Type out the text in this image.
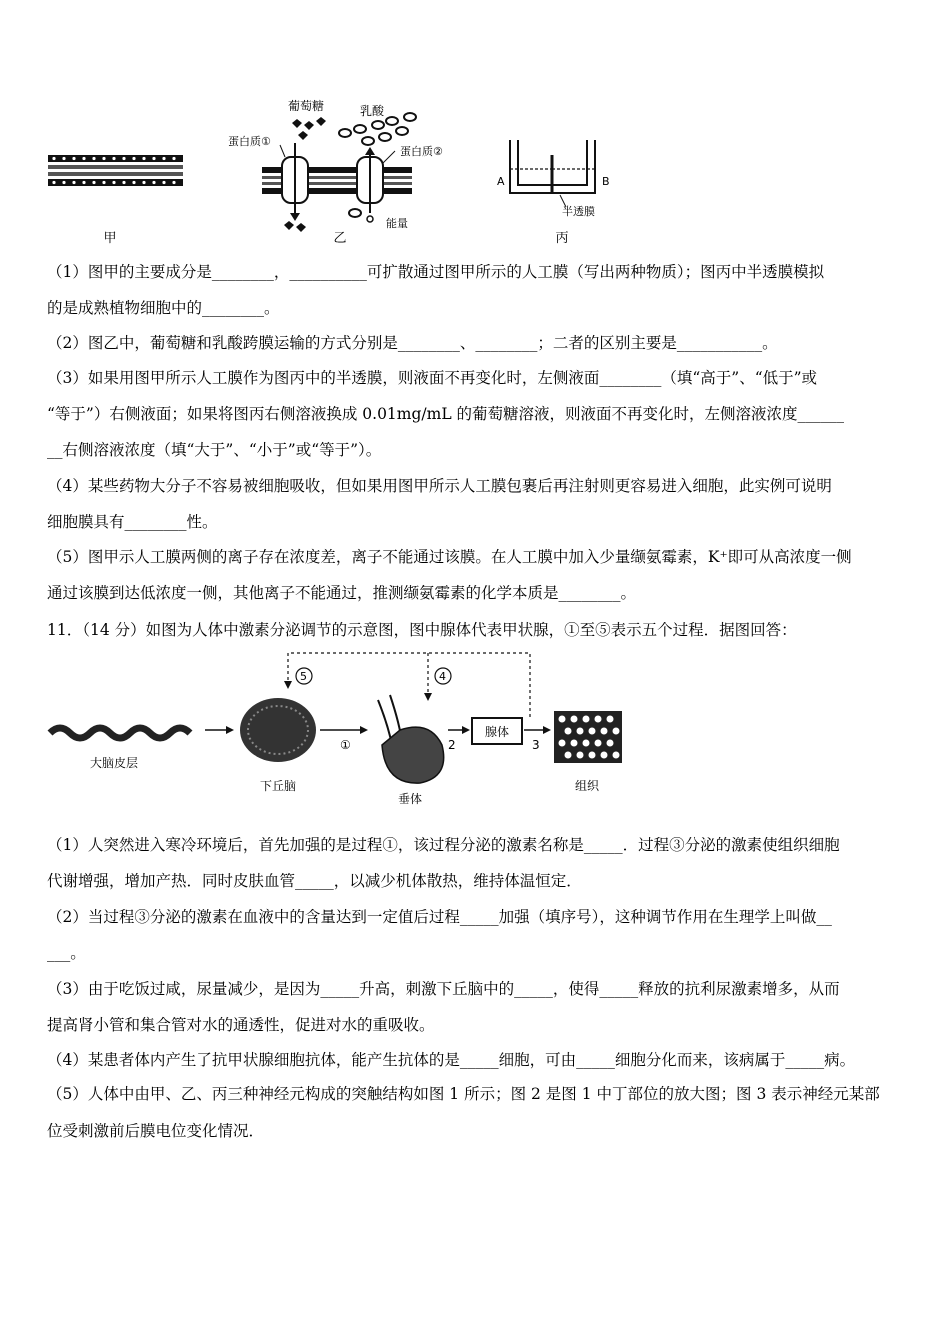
甲
葡萄糖	乳酸
蛋白质①
蛋白质②
能量
乙
A	B
半透膜
丙
（1）图甲的主要成分是________，__________可扩散通过图甲所示的人工膜（写出两种物质）；图丙中半透膜模拟
的是成熟植物细胞中的________。
（2）图乙中，葡萄糖和乳酸跨膜运输的方式分别是________、________；二者的区别主要是___________。
（3）如果用图甲所示人工膜作为图丙中的半透膜，则液面不再变化时，左侧液面________（填“高于”、“低于”或
“等于”）右侧液面；如果将图丙右侧溶液换成 0.01mg/mL 的葡萄糖溶液，则液面不再变化时，左侧溶液浓度______
__右侧溶液浓度（填“大于”、“小于”或“等于”）。
（4）某些药物大分子不容易被细胞吸收，但如果用图甲所示人工膜包裹后再注射则更容易进入细胞，此实例可说明
细胞膜具有________性。
（5）图甲示人工膜两侧的离子存在浓度差，离子不能通过该膜。在人工膜中加入少量缬氨霉素，K⁺即可从高浓度一侧
通过该膜到达低浓度一侧，其他离子不能通过，推测缬氨霉素的化学本质是________。
11．（14 分）如图为人体中激素分泌调节的示意图，图中腺体代表甲状腺，①至⑤表示五个过程．据图回答：
大脑皮层
下丘脑
①
垂体
2
腺体
3
组织
5	4
（1）人突然进入寒冷环境后，首先加强的是过程①，该过程分泌的激素名称是_____．过程③分泌的激素使组织细胞
代谢增强，增加产热．同时皮肤血管_____，以减少机体散热，维持体温恒定．
（2）当过程③分泌的激素在血液中的含量达到一定值后过程_____加强（填序号），这种调节作用在生理学上叫做__
___。
（3）由于吃饭过咸，尿量减少，是因为_____升高，刺激下丘脑中的_____，使得_____释放的抗利尿激素增多，从而
提高肾小管和集合管对水的通透性，促进对水的重吸收。
（4）某患者体内产生了抗甲状腺细胞抗体，能产生抗体的是_____细胞，可由_____细胞分化而来，该病属于_____病。
（5）人体中由甲、乙、丙三种神经元构成的突触结构如图 1 所示；图 2 是图 1 中丁部位的放大图；图 3 表示神经元某部
位受刺激前后膜电位变化情况．
